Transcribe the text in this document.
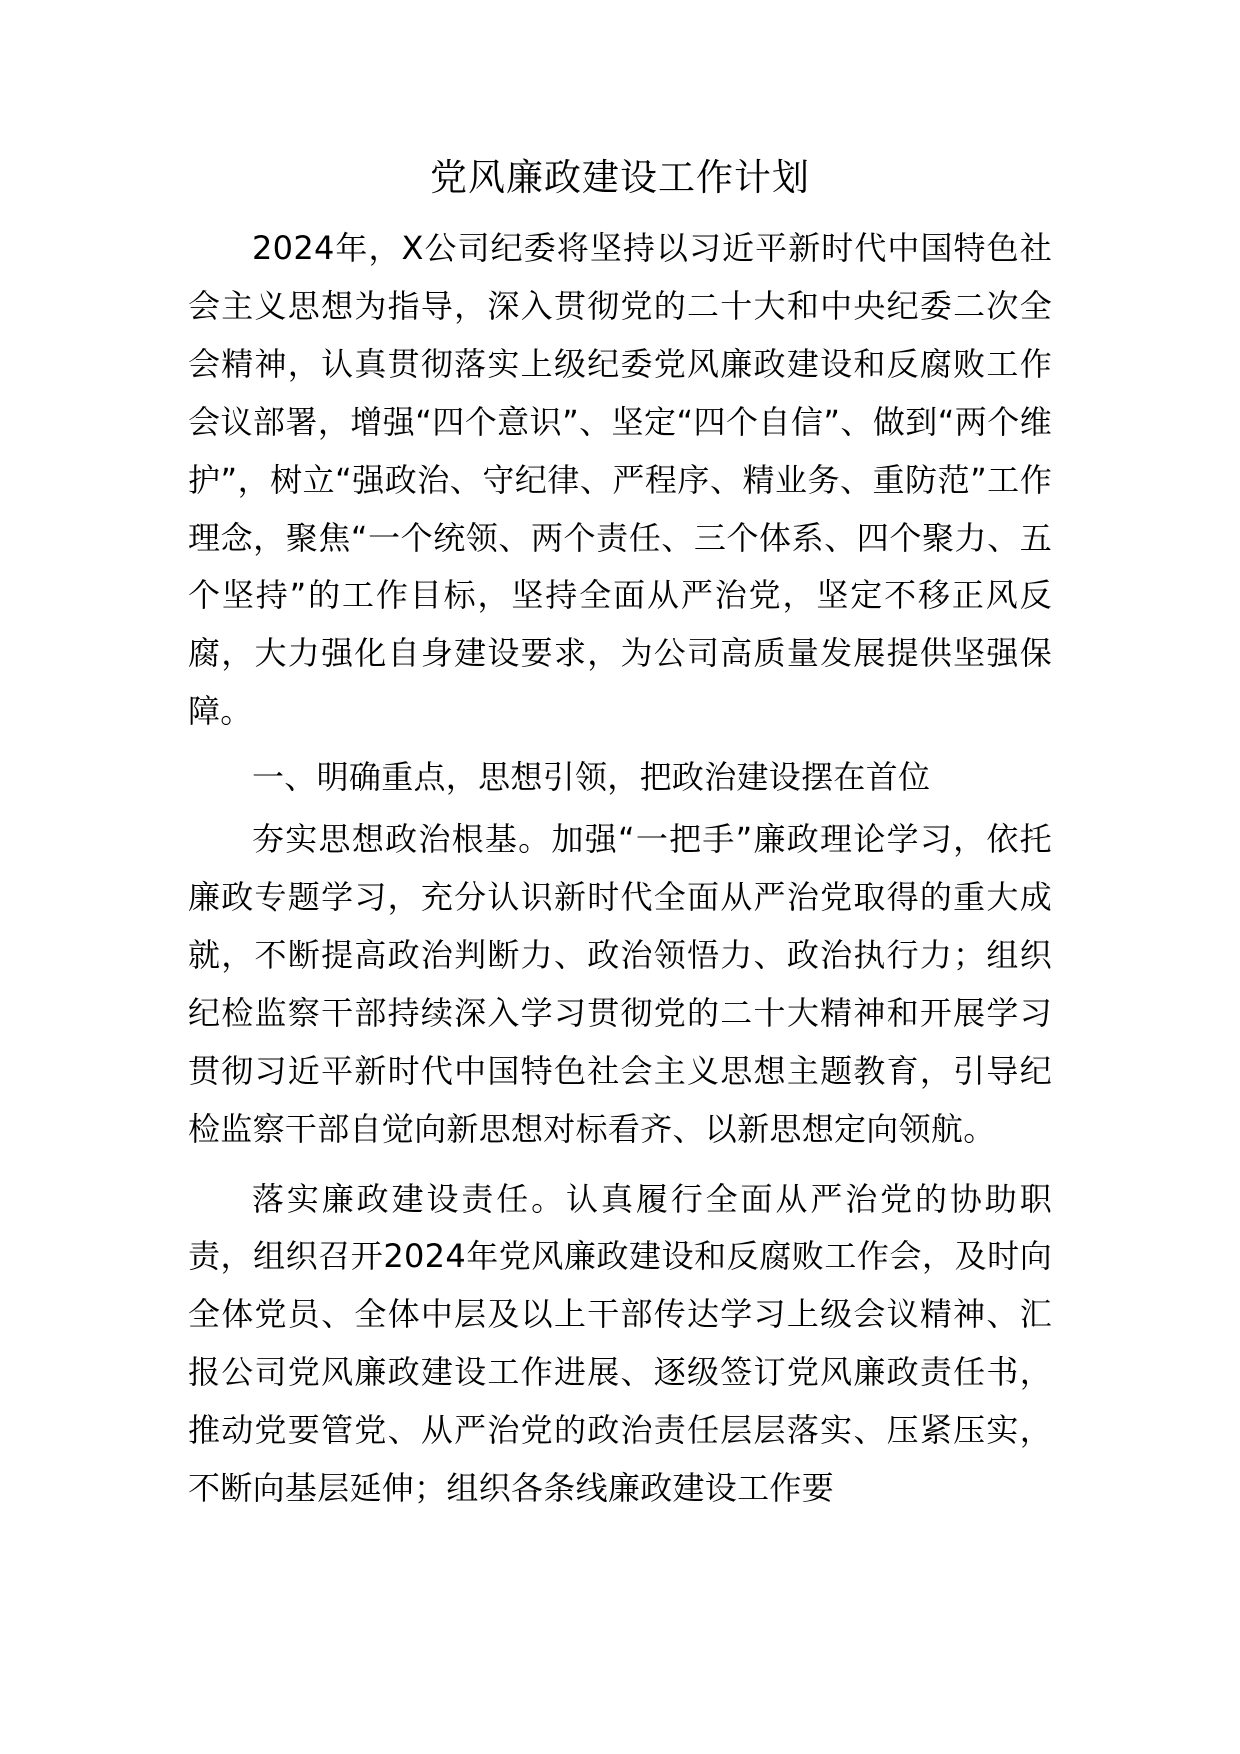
党风廉政建设工作计划

2024年，X公司纪委将坚持以习近平新时代中国特色社会主义思想为指导，深入贯彻党的二十大和中央纪委二次全会精神，认真贯彻落实上级纪委党风廉政建设和反腐败工作会议部署，增强“四个意识”、坚定“四个自信”、做到“两个维护”，树立“强政治、守纪律、严程序、精业务、重防范”工作理念，聚焦“一个统领、两个责任、三个体系、四个聚力、五个坚持”的工作目标，坚持全面从严治党，坚定不移正风反腐，大力强化自身建设要求，为公司高质量发展提供坚强保障。

一、明确重点，思想引领，把政治建设摆在首位

夯实思想政治根基。加强“一把手”廉政理论学习，依托廉政专题学习，充分认识新时代全面从严治党取得的重大成就，不断提高政治判断力、政治领悟力、政治执行力；组织纪检监察干部持续深入学习贯彻党的二十大精神和开展学习贯彻习近平新时代中国特色社会主义思想主题教育，引导纪检监察干部自觉向新思想对标看齐、以新思想定向领航。

落实廉政建设责任。认真履行全面从严治党的协助职责，组织召开2024年党风廉政建设和反腐败工作会，及时向全体党员、全体中层及以上干部传达学习上级会议精神、汇报公司党风廉政建设工作进展、逐级签订党风廉政责任书，推动党要管党、从严治党的政治责任层层落实、压紧压实，不断向基层延伸；组织各条线廉政建设工作要
